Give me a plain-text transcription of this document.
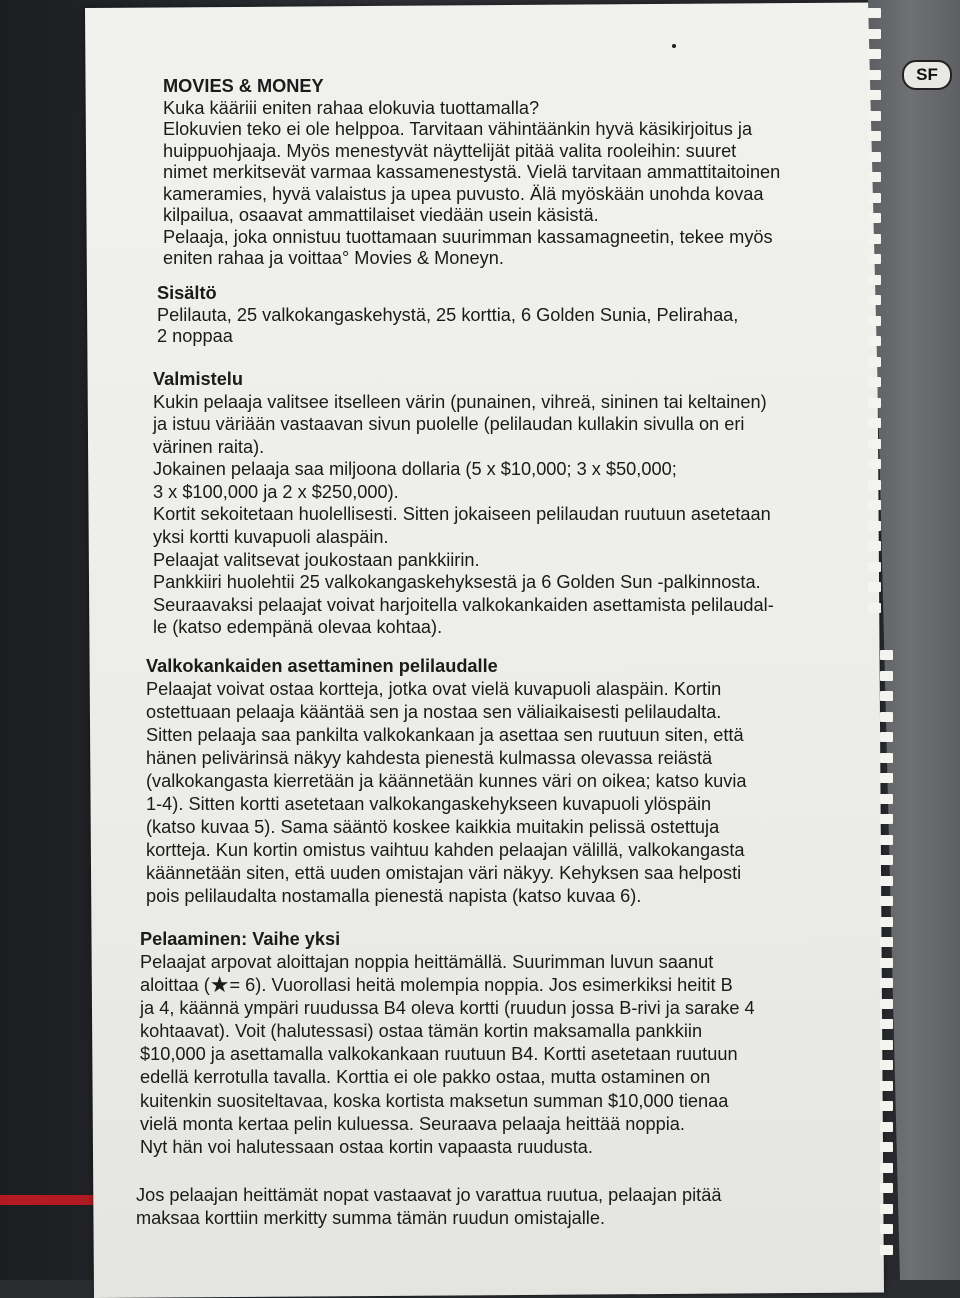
SF
MOVIES & MONEY
Kuka kääriii eniten rahaa elokuvia tuottamalla?
Elokuvien teko ei ole helppoa. Tarvitaan vähintäänkin hyvä käsikirjoitus ja
huippuohjaaja. Myös menestyvät näyttelijät pitää valita rooleihin: suuret
nimet merkitsevät varmaa kassamenestystä. Vielä tarvitaan ammattitaitoinen
kameramies, hyvä valaistus ja upea puvusto. Älä myöskään unohda kovaa
kilpailua, osaavat ammattilaiset viedään usein käsistä.
Pelaaja, joka onnistuu tuottamaan suurimman kassamagneetin, tekee myös
eniten rahaa ja voittaa° Movies & Moneyn.
Sisältö
Pelilauta, 25 valkokangaskehystä, 25 korttia, 6 Golden Sunia, Pelirahaa,
2 noppaa
Valmistelu
Kukin pelaaja valitsee itselleen värin (punainen, vihreä, sininen tai keltainen)
ja istuu väriään vastaavan sivun puolelle (pelilaudan kullakin sivulla on eri
värinen raita).
Jokainen pelaaja saa miljoona dollaria (5 x $10,000; 3 x $50,000;
3 x $100,000 ja 2 x $250,000).
Kortit sekoitetaan huolellisesti. Sitten jokaiseen pelilaudan ruutuun asetetaan
yksi kortti kuvapuoli alaspäin.
Pelaajat valitsevat joukostaan pankkiirin.
Pankkiiri huolehtii 25 valkokangaskehyksestä ja 6 Golden Sun -palkinnosta.
Seuraavaksi pelaajat voivat harjoitella valkokankaiden asettamista pelilaudal-
le (katso edempänä olevaa kohtaa).
Valkokankaiden asettaminen pelilaudalle
Pelaajat voivat ostaa kortteja, jotka ovat vielä kuvapuoli alaspäin. Kortin
ostettuaan pelaaja kääntää sen ja nostaa sen väliaikaisesti pelilaudalta.
Sitten pelaaja saa pankilta valkokankaan ja asettaa sen ruutuun siten, että
hänen pelivärinsä näkyy kahdesta pienestä kulmassa olevassa reiästä
(valkokangasta kierretään ja käännetään kunnes väri on oikea; katso kuvia
1-4). Sitten kortti asetetaan valkokangaskehykseen kuvapuoli ylöspäin
(katso kuvaa 5). Sama sääntö koskee kaikkia muitakin pelissä ostettuja
kortteja. Kun kortin omistus vaihtuu kahden pelaajan välillä, valkokangasta
käännetään siten, että uuden omistajan väri näkyy. Kehyksen saa helposti
pois pelilaudalta nostamalla pienestä napista (katso kuvaa 6).
Pelaaminen: Vaihe yksi
Pelaajat arpovat aloittajan noppia heittämällä. Suurimman luvun saanut
aloittaa (★= 6). Vuorollasi heitä molempia noppia. Jos esimerkiksi heitit B
ja 4, käännä ympäri ruudussa B4 oleva kortti (ruudun jossa B-rivi ja sarake 4
kohtaavat). Voit (halutessasi) ostaa tämän kortin maksamalla pankkiin
$10,000 ja asettamalla valkokankaan ruutuun B4. Kortti asetetaan ruutuun
edellä kerrotulla tavalla. Korttia ei ole pakko ostaa, mutta ostaminen on
kuitenkin suositeltavaa, koska kortista maksetun summan $10,000 tienaa
vielä monta kertaa pelin kuluessa. Seuraava pelaaja heittää noppia.
Nyt hän voi halutessaan ostaa kortin vapaasta ruudusta.
Jos pelaajan heittämät nopat vastaavat jo varattua ruutua, pelaajan pitää
maksaa korttiin merkitty summa tämän ruudun omistajalle.
